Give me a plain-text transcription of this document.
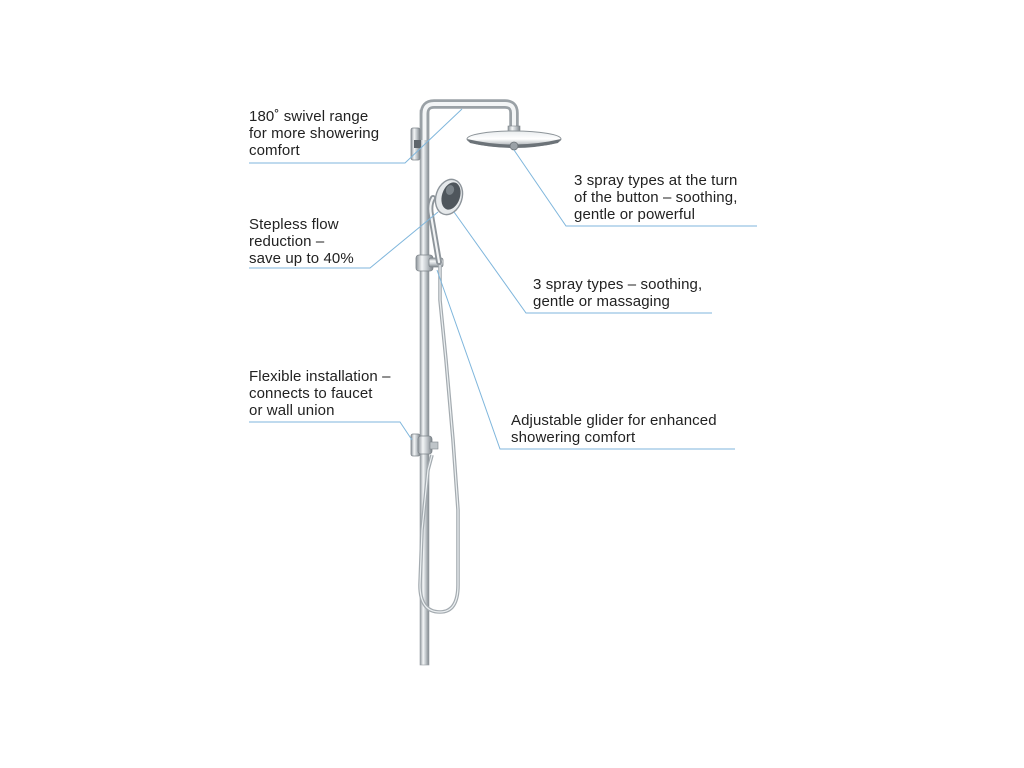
180˚ swivel range
for more showering
comfort
Stepless flow
reduction –
save up to 40%
Flexible installation –
connects to faucet
or wall union
3 spray types at the turn
of the button – soothing,
gentle or powerful
3 spray types – soothing,
gentle or massaging
Adjustable glider for enhanced
showering comfort
